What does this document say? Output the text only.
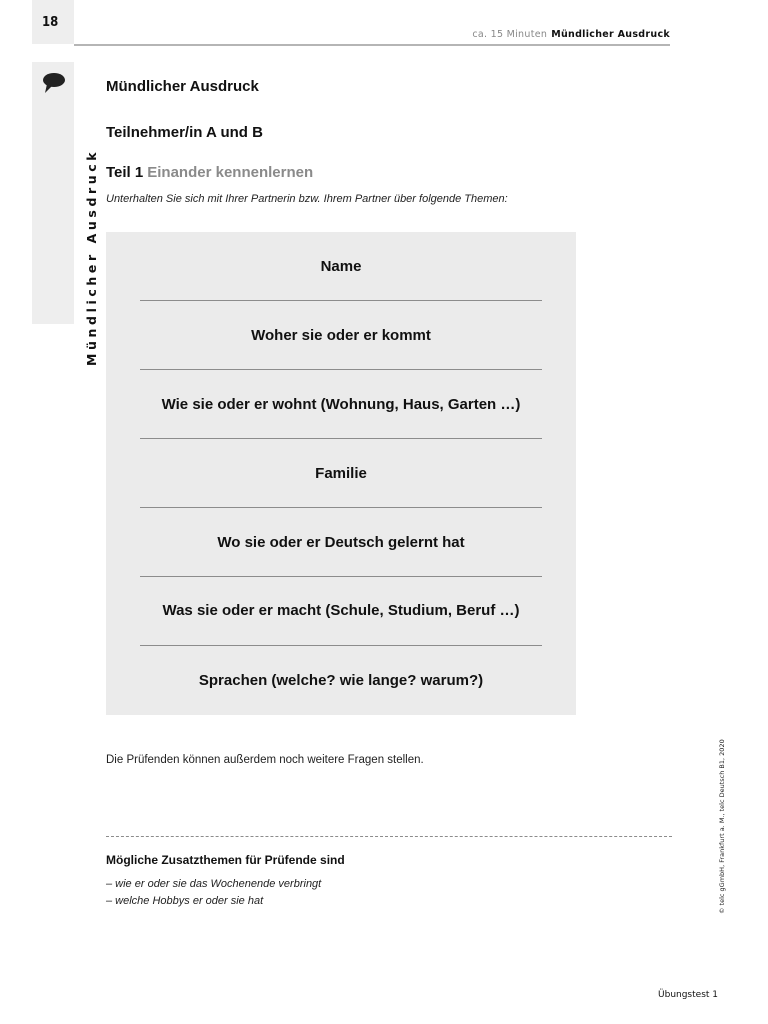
18
ca. 15 Minuten Mündlicher Ausdruck
Mündlicher Ausdruck
Mündlicher Ausdruck
Teilnehmer/in A und B
Teil 1 Einander kennenlernen
Unterhalten Sie sich mit Ihrer Partnerin bzw. Ihrem Partner über folgende Themen:
Name
Woher sie oder er kommt
Wie sie oder er wohnt (Wohnung, Haus, Garten …)
Familie
Wo sie oder er Deutsch gelernt hat
Was sie oder er macht (Schule, Studium, Beruf …)
Sprachen (welche? wie lange? warum?)
Die Prüfenden können außerdem noch weitere Fragen stellen.
Mögliche Zusatzthemen für Prüfende sind
– wie er oder sie das Wochenende verbringt
– welche Hobbys er oder sie hat	© telc gGmbH, Frankfurt a. M., telc Deutsch B1, 2020
Übungstest 1
